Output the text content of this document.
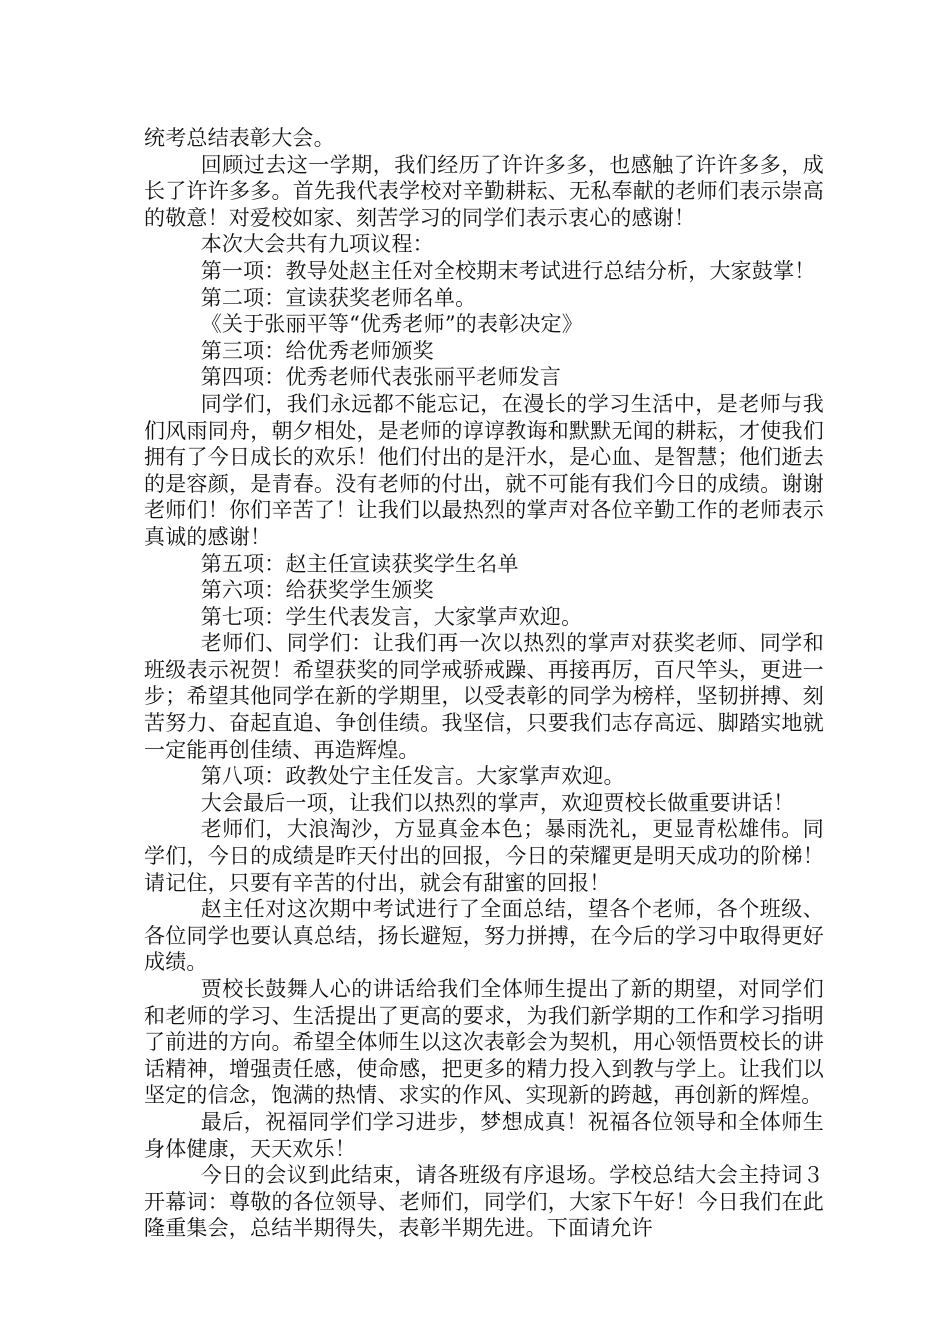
统考总结表彰大会。

回顾过去这一学期，我们经历了许许多多，也感触了许许多多，成长了许许多多。首先我代表学校对辛勤耕耘、无私奉献的老师们表示崇高的敬意！对爱校如家、刻苦学习的同学们表示衷心的感谢！

本次大会共有九项议程：

第一项：教导处赵主任对全校期末考试进行总结分析，大家鼓掌！

第二项：宣读获奖老师名单。

《关于张丽平等“优秀老师”的表彰决定》

第三项：给优秀老师颁奖

第四项：优秀老师代表张丽平老师发言

同学们，我们永远都不能忘记，在漫长的学习生活中，是老师与我们风雨同舟，朝夕相处，是老师的谆谆教诲和默默无闻的耕耘，才使我们拥有了今日成长的欢乐！他们付出的是汗水，是心血、是智慧；他们逝去的是容颜，是青春。没有老师的付出，就不可能有我们今日的成绩。谢谢老师们！你们辛苦了！让我们以最热烈的掌声对各位辛勤工作的老师表示真诚的感谢！

第五项：赵主任宣读获奖学生名单

第六项：给获奖学生颁奖

第七项：学生代表发言，大家掌声欢迎。

老师们、同学们：让我们再一次以热烈的掌声对获奖老师、同学和班级表示祝贺！希望获奖的同学戒骄戒躁、再接再厉，百尺竿头，更进一步；希望其他同学在新的学期里，以受表彰的同学为榜样，坚韧拼搏、刻苦努力、奋起直追、争创佳绩。我坚信，只要我们志存高远、脚踏实地就一定能再创佳绩、再造辉煌。

第八项：政教处宁主任发言。大家掌声欢迎。

大会最后一项，让我们以热烈的掌声，欢迎贾校长做重要讲话！

老师们，大浪淘沙，方显真金本色；暴雨洗礼，更显青松雄伟。同学们，今日的成绩是昨天付出的回报，今日的荣耀更是明天成功的阶梯！请记住，只要有辛苦的付出，就会有甜蜜的回报！

赵主任对这次期中考试进行了全面总结，望各个老师，各个班级、各位同学也要认真总结，扬长避短，努力拼搏，在今后的学习中取得更好成绩。

贾校长鼓舞人心的讲话给我们全体师生提出了新的期望，对同学们和老师的学习、生活提出了更高的要求，为我们新学期的工作和学习指明了前进的方向。希望全体师生以这次表彰会为契机，用心领悟贾校长的讲话精神，增强责任感，使命感，把更多的精力投入到教与学上。让我们以坚定的信念，饱满的热情、求实的作风、实现新的跨越，再创新的辉煌。

最后，祝福同学们学习进步，梦想成真！祝福各位领导和全体师生身体健康，天天欢乐！

今日的会议到此结束，请各班级有序退场。学校总结大会主持词３开幕词：尊敬的各位领导、老师们，同学们，大家下午好！今日我们在此隆重集会，总结半期得失，表彰半期先进。下面请允许
